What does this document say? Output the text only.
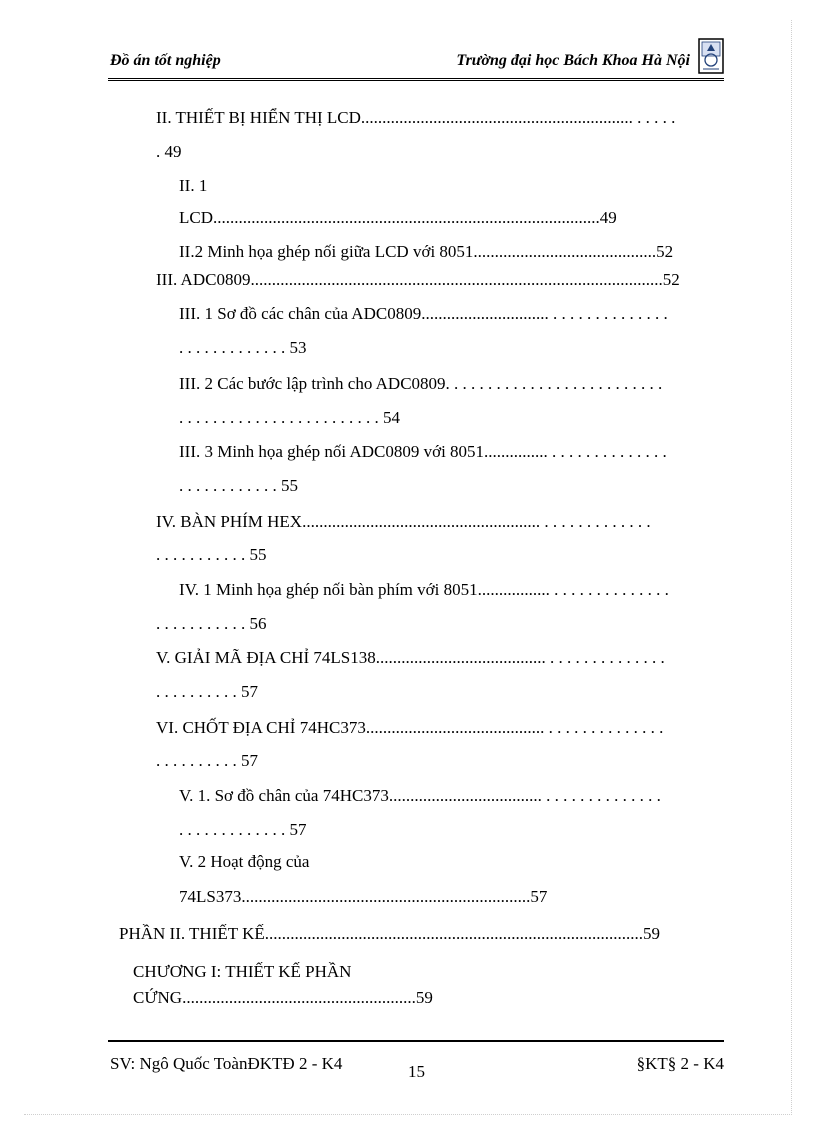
Đồ án tốt nghiệp	Trường đại học Bách Khoa Hà Nội
II. THIẾT BỊ HIỂN THỊ LCD................................................................ . . . . .
. 49
II. 1
LCD...........................................................................................49
II.2 Minh họa ghép nối giữa LCD với 8051...........................................52
III. ADC0809.................................................................................................52
III. 1 Sơ đồ các chân của ADC0809.............................. . . . . . . . . . . . . . .
. . . . . . . . . . . . . 53
III. 2 Các bước lập trình cho ADC0809. . . . . . . . . . . . . . . . . . . . . . . . . .
. . . . . . . . . . . . . . . . . . . . . . . . 54
III. 3 Minh họa ghép nối ADC0809 với 8051............... . . . . . . . . . . . . . .
. . . . . . . . . . . . 55
IV. BÀN PHÍM HEX........................................................ . . . . . . . . . . . . .
. . . . . . . . . . . 55
IV. 1 Minh họa ghép nối bàn phím với 8051................. . . . . . . . . . . . . . .
. . . . . . . . . . . 56
V. GIẢI MÃ ĐỊA CHỈ 74LS138........................................ . . . . . . . . . . . . . .
. . . . . . . . . . 57
VI. CHỐT ĐỊA CHỈ 74HC373.......................................... . . . . . . . . . . . . . .
. . . . . . . . . . 57
V. 1. Sơ đồ chân của 74HC373.................................... . . . . . . . . . . . . . .
. . . . . . . . . . . . . 57
V. 2 Hoạt động của
74LS373....................................................................57
PHẦN II. THIẾT KẾ.........................................................................................59
CHƯƠNG I: THIẾT KẾ PHẦN
CỨNG.......................................................59
SV: Ngô Quốc ToànĐKTĐ 2 - K4	15	§KT§ 2 - K4
